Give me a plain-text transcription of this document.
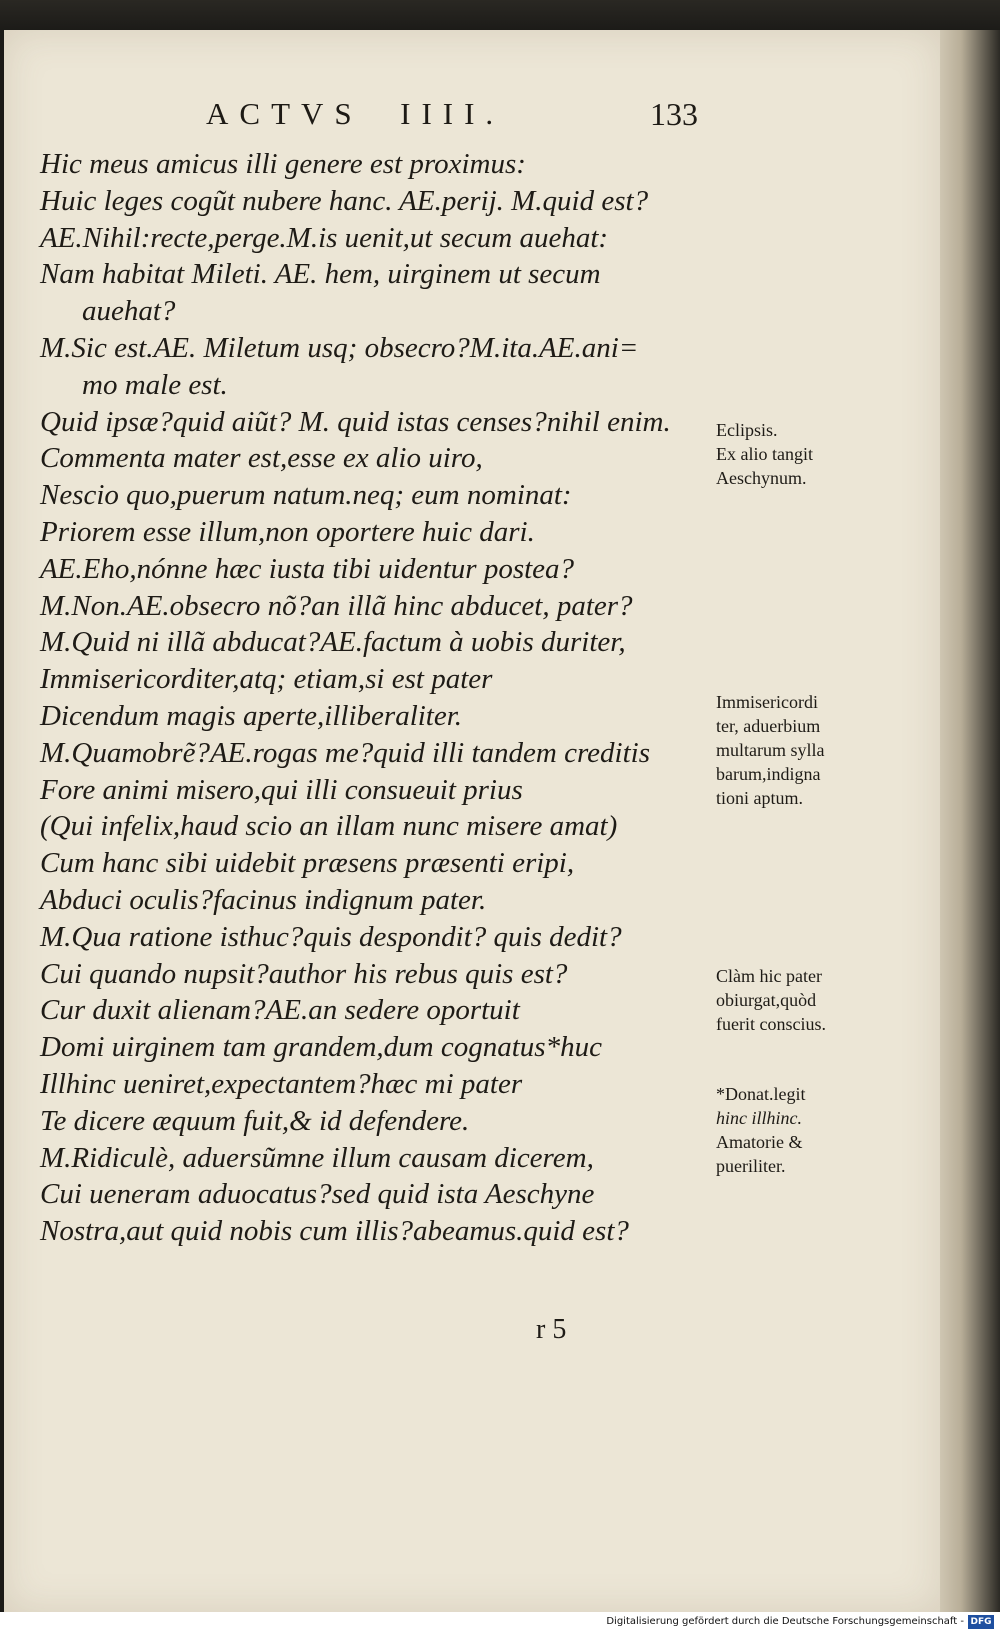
ACTVS  IIII.	133
Hic meus amicus illi genere est proximus:
Huic leges cogũt nubere hanc. AE.perij. M.quid est?
AE.Nihil:recte,perge.M.is uenit,ut secum auehat:
Nam habitat Mileti. AE. hem, uirginem ut secum
auehat?
M.Sic est.AE. Miletum usq; obsecro?M.ita.AE.ani=
mo male est.
Quid ipsæ?quid aiũt? M. quid istas censes?nihil enim.
Commenta mater est,esse ex alio uiro,
Nescio quo,puerum natum.neq; eum nominat:
Priorem esse illum,non oportere huic dari.
AE.Eho,nónne hæc iusta tibi uidentur postea?
M.Non.AE.obsecro nõ?an illã hinc abducet, pater?
M.Quid ni illã abducat?AE.factum à uobis duriter,
Immisericorditer,atq; etiam,si est pater
Dicendum magis aperte,illiberaliter.
M.Quamobrẽ?AE.rogas me?quid illi tandem creditis
Fore animi misero,qui illi consueuit prius
(Qui infelix,haud scio an illam nunc misere amat)
Cum hanc sibi uidebit præsens præsenti eripi,
Abduci oculis?facinus indignum pater.
M.Qua ratione isthuc?quis despondit? quis dedit?
Cui quando nupsit?author his rebus quis est?
Cur duxit alienam?AE.an sedere oportuit
Domi uirginem tam grandem,dum cognatus*huc
Illhinc ueniret,expectantem?hæc mi pater
Te dicere æquum fuit,& id defendere.
M.Ridiculè, aduersũmne illum causam dicerem,
Cui ueneram aduocatus?sed quid ista Aeschyne
Nostra,aut quid nobis cum illis?abeamus.quid est?
r 5
Eclipsis.
Ex alio tangit
Aeschynum.
Immisericordi
ter, aduerbium
multarum sylla
barum,indigna
tioni aptum.
Clàm hic pater
obiurgat,quòd
fuerit conscius.
*Donat.legit
hinc illhinc.
Amatorie &
pueriliter.
Digitalisierung gefördert durch die Deutsche Forschungsgemeinschaft - DFG
